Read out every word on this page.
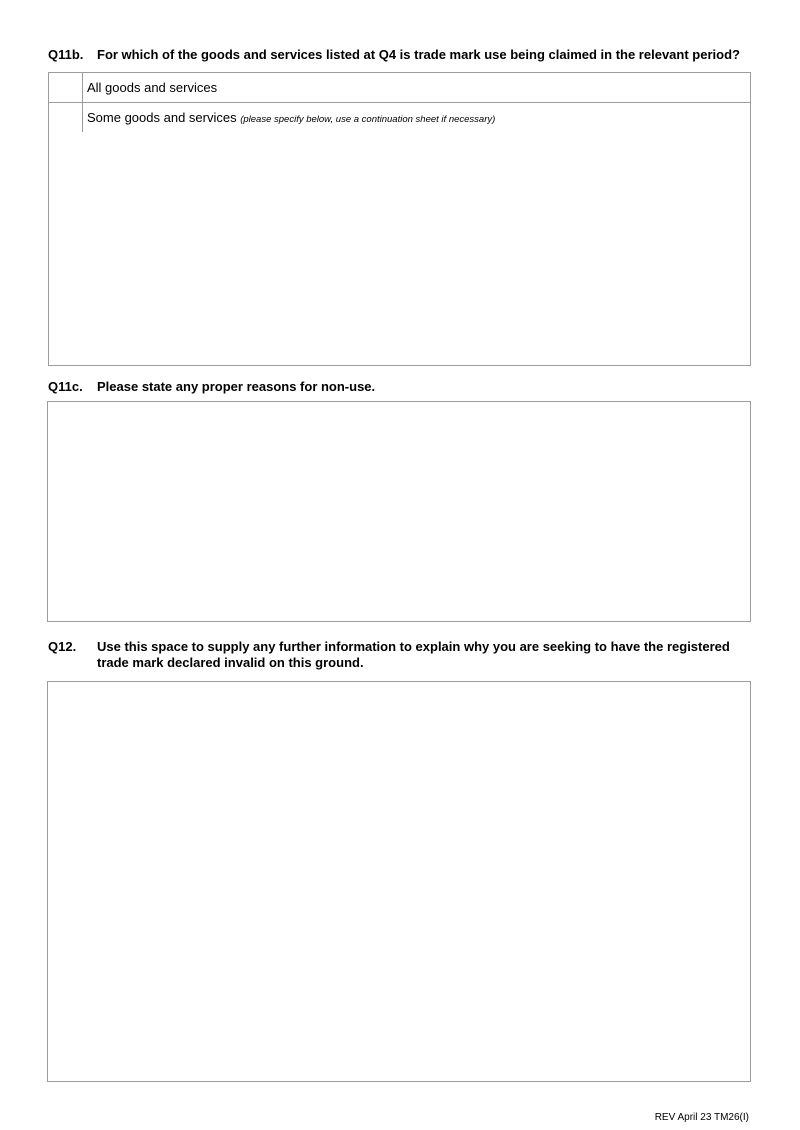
Q11b. For which of the goods and services listed at Q4 is trade mark use being claimed in the relevant period?
All goods and services
Some goods and services (please specify below, use a continuation sheet if necessary)
Q11c. Please state any proper reasons for non-use.
Q12. Use this space to supply any further information to explain why you are seeking to have the registered
trade mark declared invalid on this ground.
REV April 23 TM26(I)
